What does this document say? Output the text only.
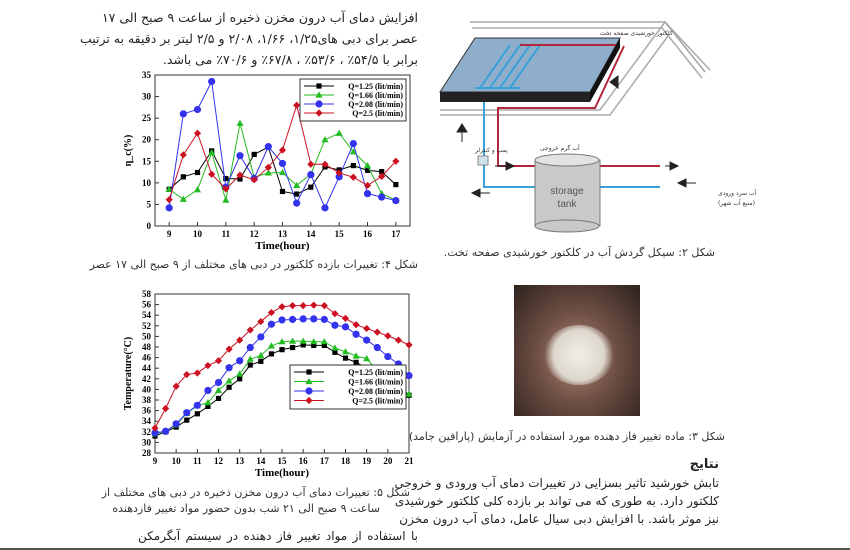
افزایش دمای آب درون مخزن ذخیره از ساعت ۹ صبح الی ۱۷
عصر برای دبی های۱/۲۵، ۱/۶۶، ۲/۰۸ و ۲/۵ لیتر بر دقیقه به ترتیب
برابر با ۵۴/۵٪ ، ۵۳/۶٪ ، ۶۷/۸٪ و ۷۰/۶٪ می باشد.
9 10 11 12 13 14 15 16 17
0
5
10
15
20
25
30
35
Time(hour)
η_c(%)
Q=1.25 (lit/min)
Q=1.66 (lit/min)
Q=2.08 (lit/min)
Q=2.5 (lit/min)
شکل ۴: تغییرات بازده کلکتور در دبی های مختلف از ۹ صبح الی ۱۷ عصر
9 10 11 12 13 14 15 16 17 18 19 20 21
28
30
32
34
36
38
40
42
44
46
48
50
52
54
56
58
Time(hour)
Temperature(°C)	Q=1.25 (lit/min)
Q=1.66 (lit/min)
Q=2.08 (lit/min)
Q=2.5 (lit/min)
شکل ۵: تغییرات دمای آب درون مخزن ذخیره در دبی های مختلف از
ساعت ۹ صبح الی ۲۱ شب بدون حضور مواد تغییر فازدهنده
با استفاده از مواد تغییر فاز دهنده در سیستم آبگرمکن
storage
tank
کلکتور خورشیدی صفحه تخت
پمپ و کنترلر	آب گرم خروجی
آب سرد ورودی
(منبع آب شهر)
شکل ۲: سیکل گردش آب در کلکتور خورشیدی صفحه تخت.
شکل ۳: ماده تغییر فاز دهنده مورد استفاده در آزمایش (پارافین جامد)
نتایج
تابش خورشید تاثیر بسزایی در تغییرات دمای آب ورودی و خروجی
کلکتور دارد. به طوری که می تواند بر بازده کلی کلکتور خورشیدی
نیز موثر باشد. با افزایش دبی سیال عامل، دمای آب درون مخزن
